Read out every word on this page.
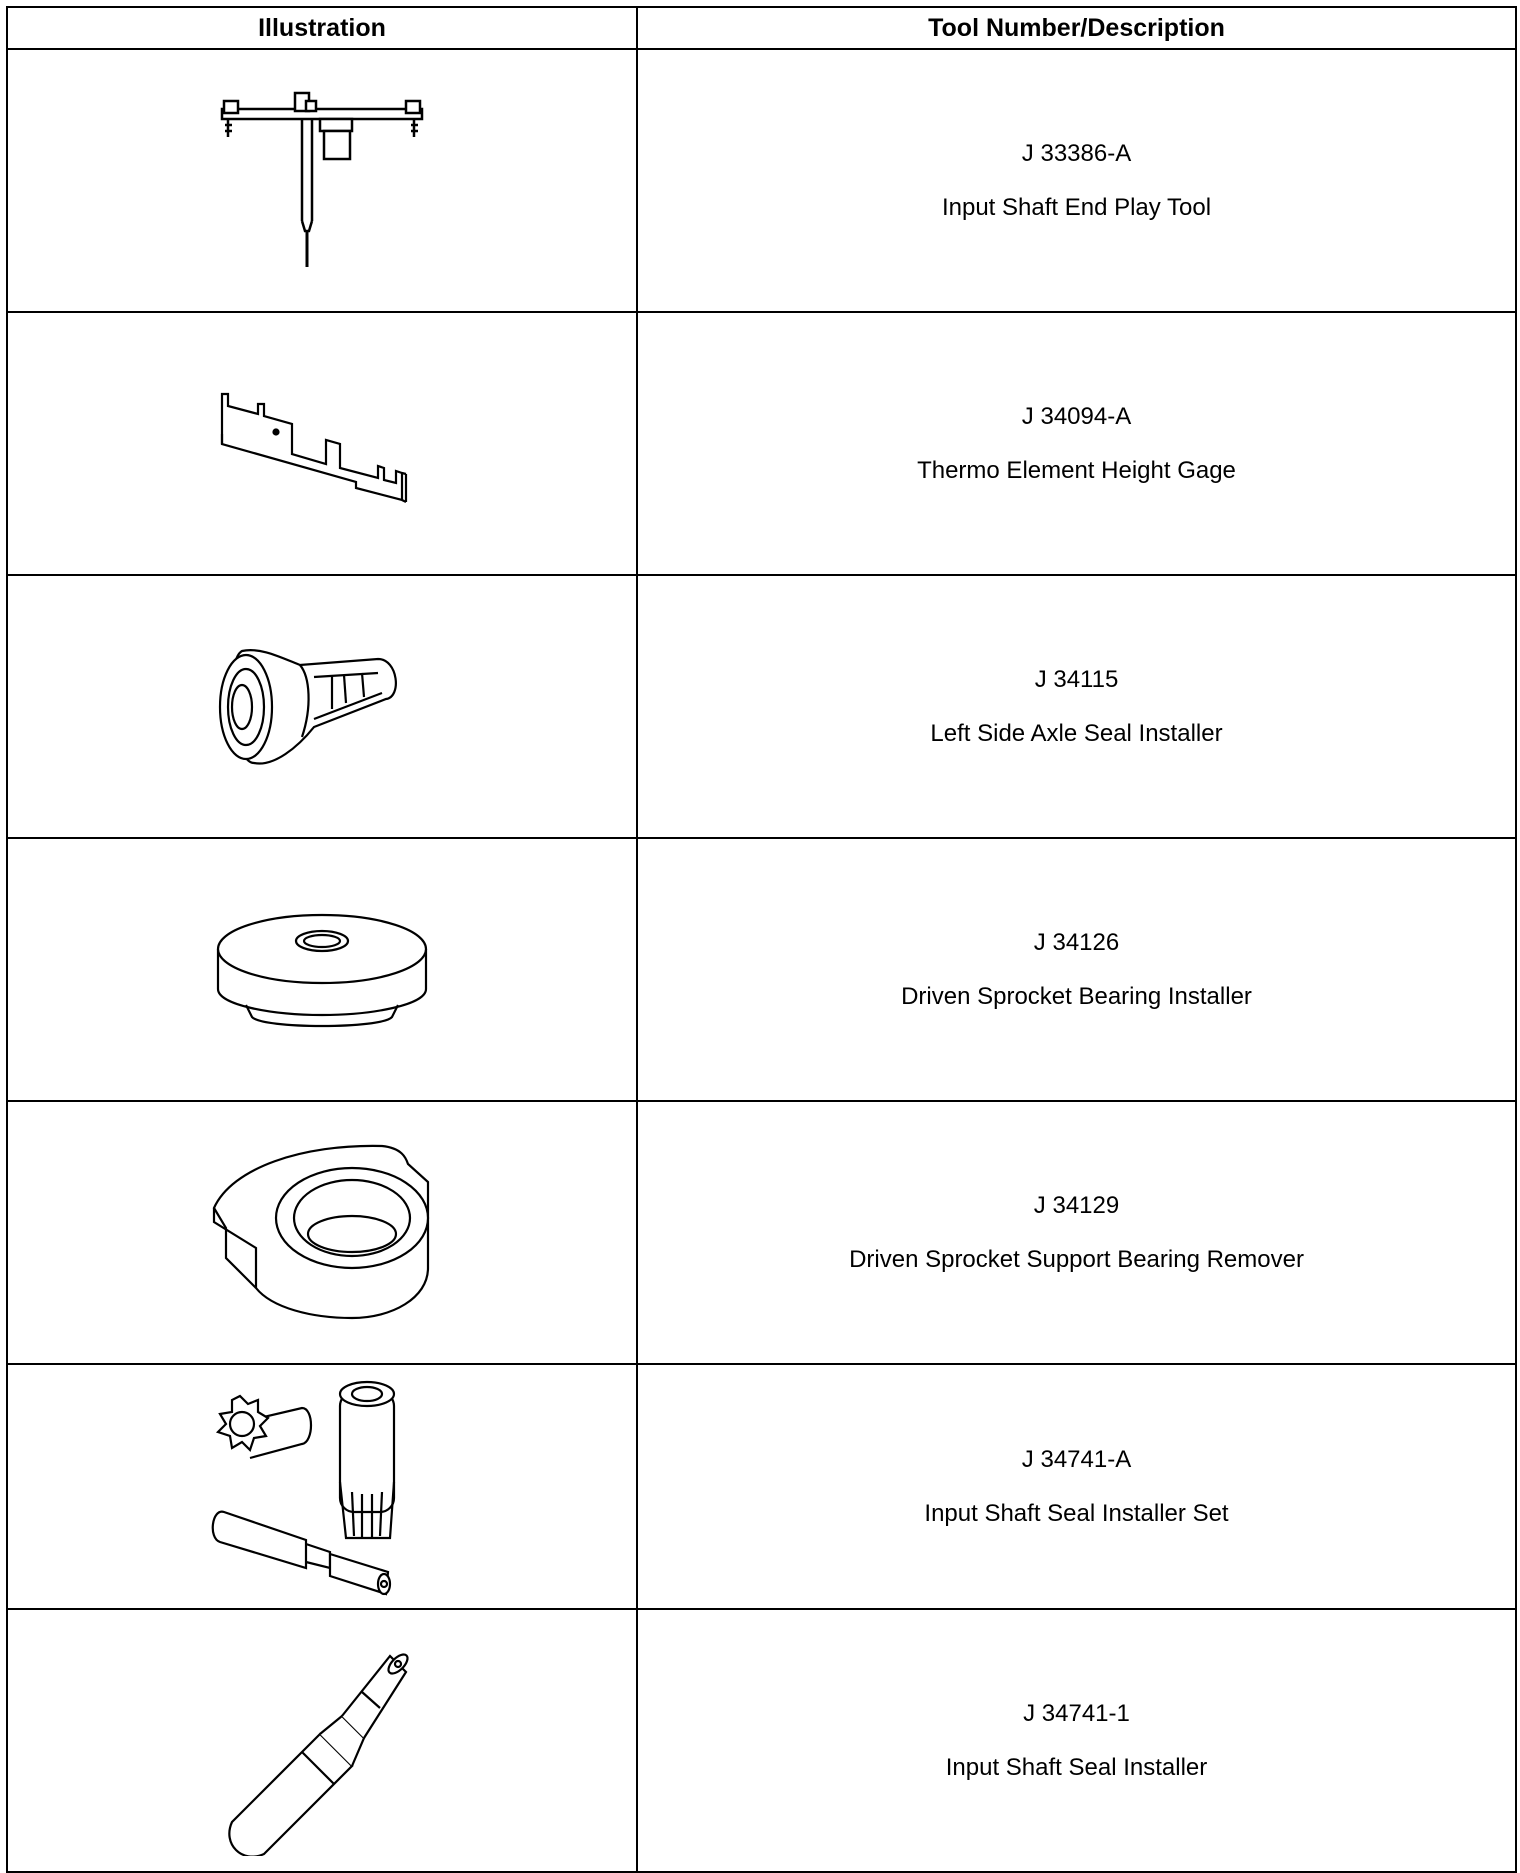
Illustration	Tool Number/Description

J 33386-A
Input Shaft End Play Tool

J 34094-A
Thermo Element Height Gage

J 34115
Left Side Axle Seal Installer

J 34126
Driven Sprocket Bearing Installer

J 34129
Driven Sprocket Support Bearing Remover

J 34741-A
Input Shaft Seal Installer Set

J 34741-1
Input Shaft Seal Installer
